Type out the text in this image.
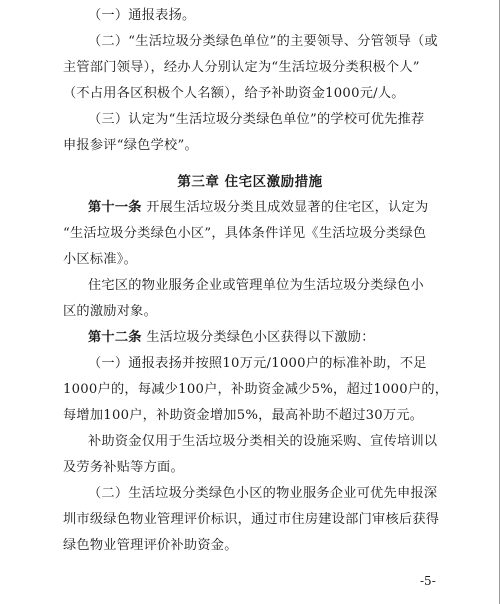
（一）通报表扬。
（二）“生活垃圾分类绿色单位”的主要领导、分管领导（或
主管部门领导），经办人分别认定为“生活垃圾分类积极个人”
（不占用各区积极个人名额），给予补助资金1000元/人。
（三）认定为“生活垃圾分类绿色单位”的学校可优先推荐
申报参评“绿色学校”。
第三章 住宅区激励措施
第十一条 开展生活垃圾分类且成效显著的住宅区，认定为
“生活垃圾分类绿色小区”，具体条件详见《生活垃圾分类绿色
小区标准》。
住宅区的物业服务企业或管理单位为生活垃圾分类绿色小
区的激励对象。
第十二条 生活垃圾分类绿色小区获得以下激励：
（一）通报表扬并按照10万元/1000户的标准补助，不足
1000户的，每减少100户，补助资金减少5%，超过1000户的，
每增加100户，补助资金增加5%，最高补助不超过30万元。
补助资金仅用于生活垃圾分类相关的设施采购、宣传培训以
及劳务补贴等方面。
（二）生活垃圾分类绿色小区的物业服务企业可优先申报深
圳市级绿色物业管理评价标识，通过市住房建设部门审核后获得
绿色物业管理评价补助资金。
-5-
